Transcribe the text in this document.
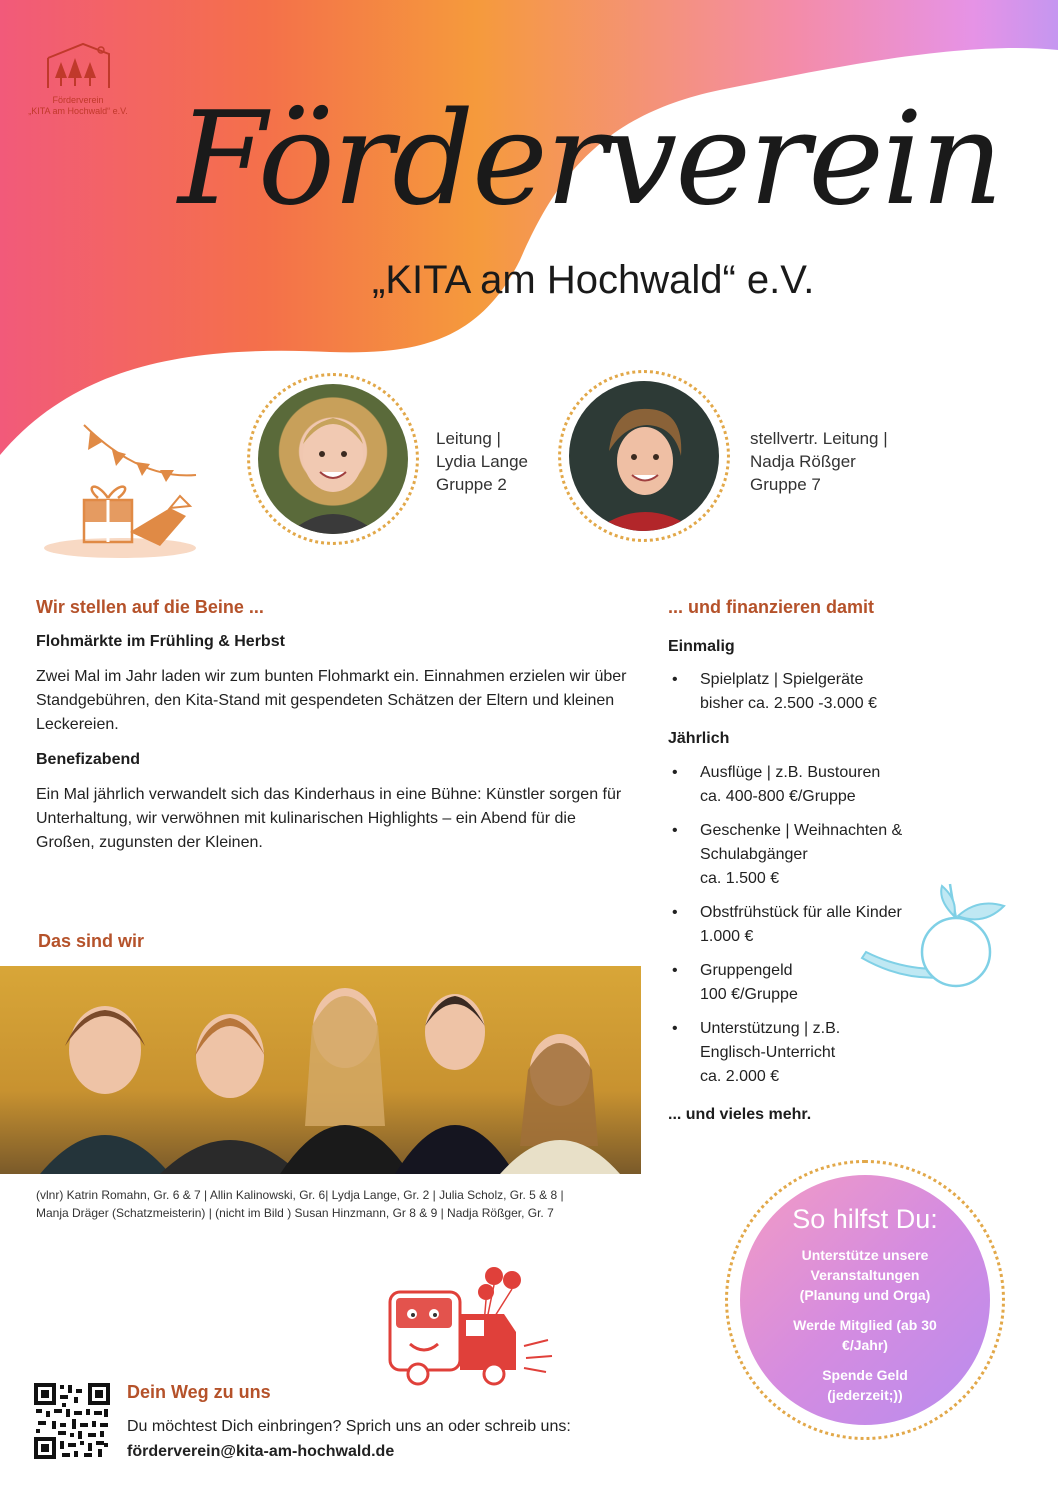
Förderverein
„KITA am Hochwald“ e.V. Förderverein
„KITA am Hochwald“ e.V.
Leitung |
Lydia Lange
Gruppe 2
stellvertr. Leitung |
Nadja Rößger
Gruppe 7
Wir stellen auf die Beine ...
Flohmärkte im Frühling & Herbst
Zwei Mal im Jahr laden wir zum bunten Flohmarkt ein. Einnahmen erzielen wir über Standgebühren, den Kita-Stand mit gespendeten Schätzen der Eltern und kleinen Leckereien.
Benefizabend
Ein Mal jährlich verwandelt sich das Kinderhaus in eine Bühne: Künstler sorgen für Unterhaltung, wir verwöhnen mit kulinarischen Highlights – ein Abend für die Großen, zugunsten der Kleinen.
... und finanzieren damit
Einmalig
• Spielplatz | Spielgeräte
bisher ca. 2.500 -3.000 €
Jährlich
• Ausflüge | z.B. Bustouren
ca. 400-800 €/Gruppe
• Geschenke | Weihnachten &
Schulabgänger
ca. 1.500 €
• Obstfrühstück für alle Kinder
1.000 €
• Gruppengeld
100 €/Gruppe
• Unterstützung | z.B.
Englisch-Unterricht
ca. 2.000 €
... und vieles mehr.
Das sind wir
(vlnr) Katrin Romahn, Gr. 6 & 7 | Allin Kalinowski, Gr. 6| Lydja Lange, Gr. 2 | Julia Scholz, Gr. 5 & 8 |
Manja Dräger (Schatzmeisterin) | (nicht im Bild ) Susan Hinzmann, Gr 8 & 9 | Nadja Rößger, Gr. 7	So hilfst Du:
Unterstütze unsere Veranstaltungen (Planung und Orga)
Werde Mitglied (ab 30 €/Jahr)
Spende Geld (jederzeit;))
Dein Weg zu uns
Du möchtest Dich einbringen? Sprich uns an oder schreib uns:
förderverein@kita-am-hochwald.de
